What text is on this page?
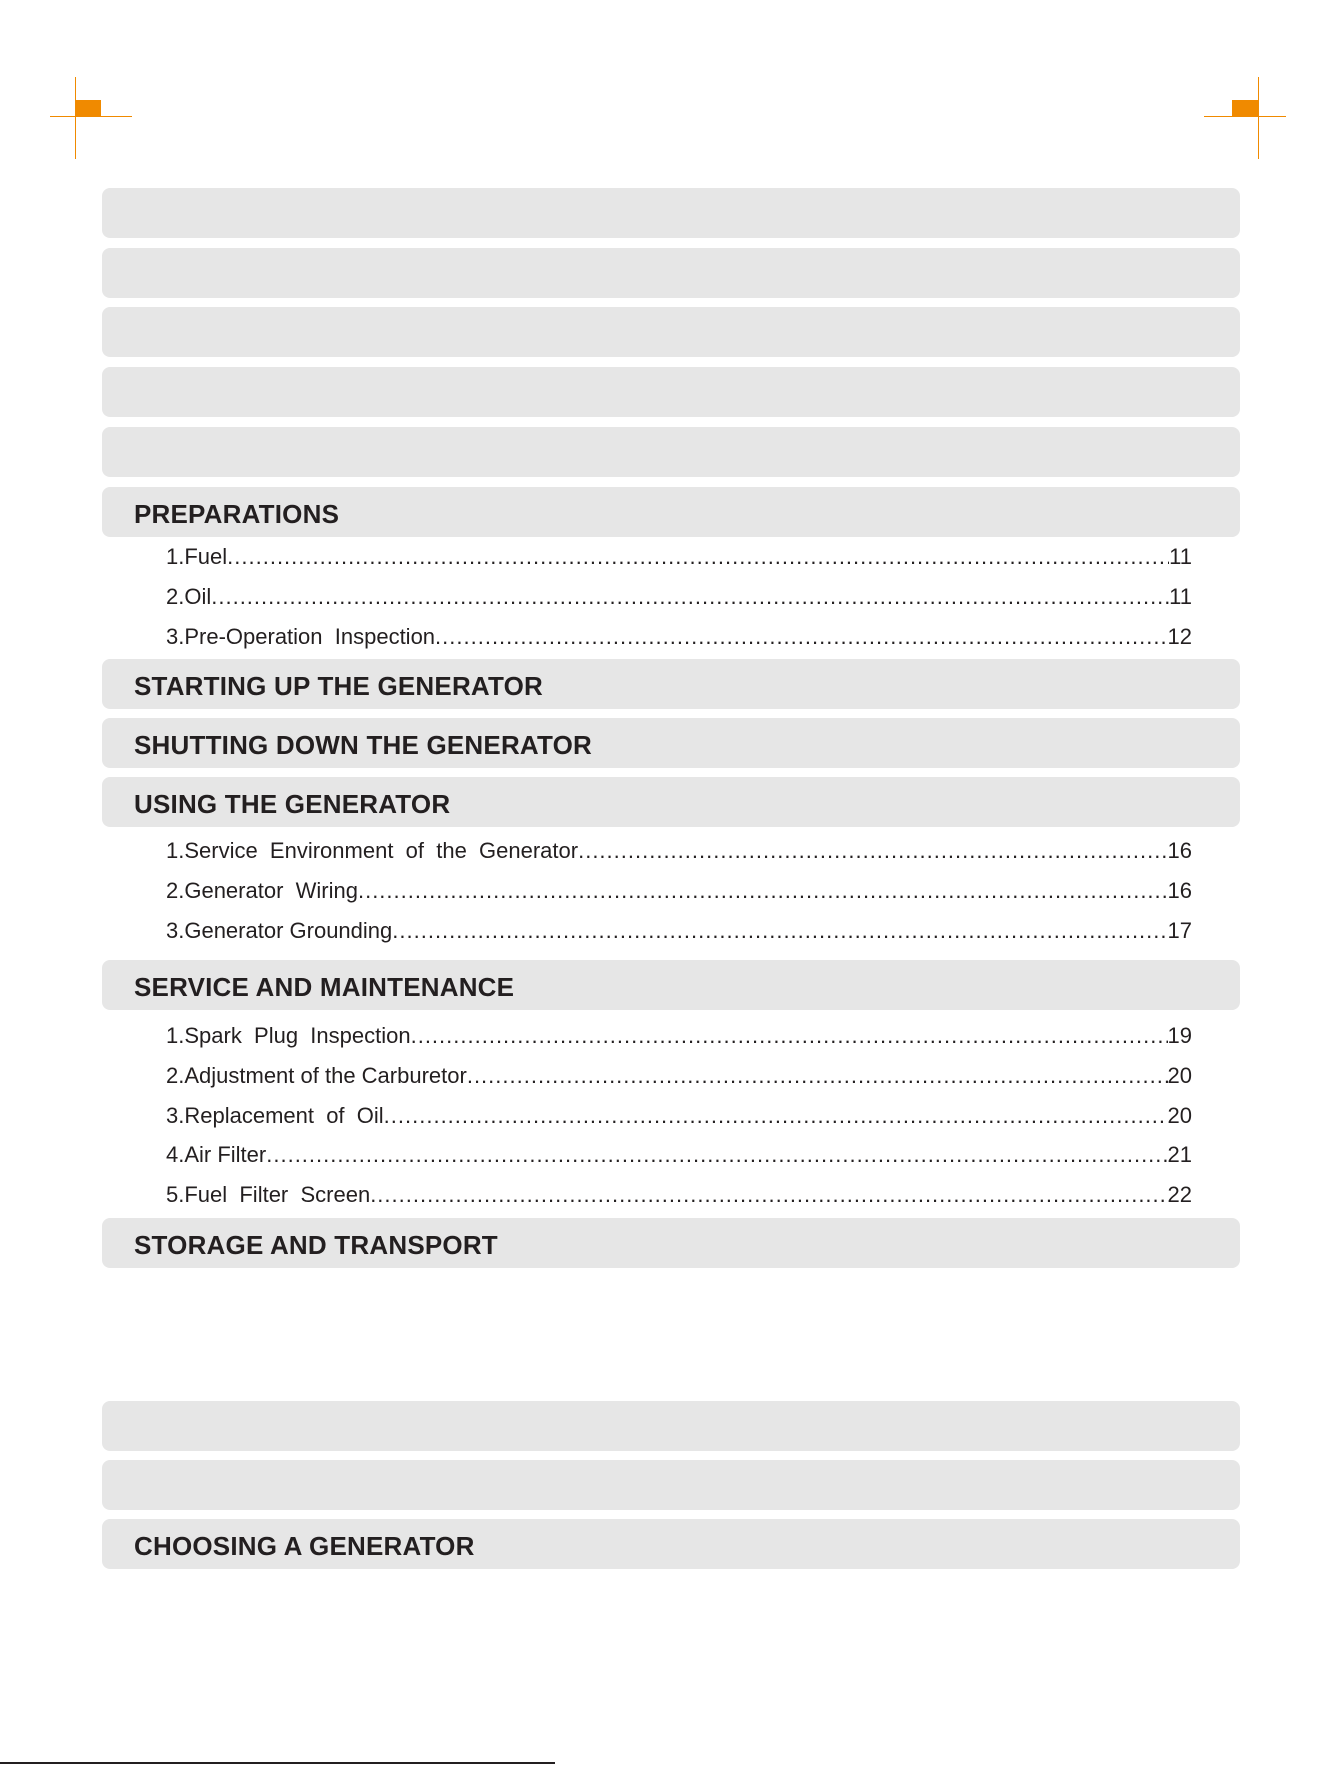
PREPARATIONS
1.Fuel .....	11
2.Oil .....	11
3.Pre-Operation  Inspection .....	12
STARTING UP THE GENERATOR
SHUTTING DOWN THE GENERATOR
USING THE GENERATOR
1.Service  Environment  of  the  Generator .....	16
2.Generator  Wiring .....	16
3.Generator Grounding .....	17
SERVICE AND MAINTENANCE
1.Spark  Plug  Inspection .....	19
2.Adjustment of the Carburetor .....	20
3.Replacement  of  Oil .....	20
4.Air Filter .....	21
5.Fuel  Filter  Screen .....	22
STORAGE AND TRANSPORT
CHOOSING A GENERATOR
